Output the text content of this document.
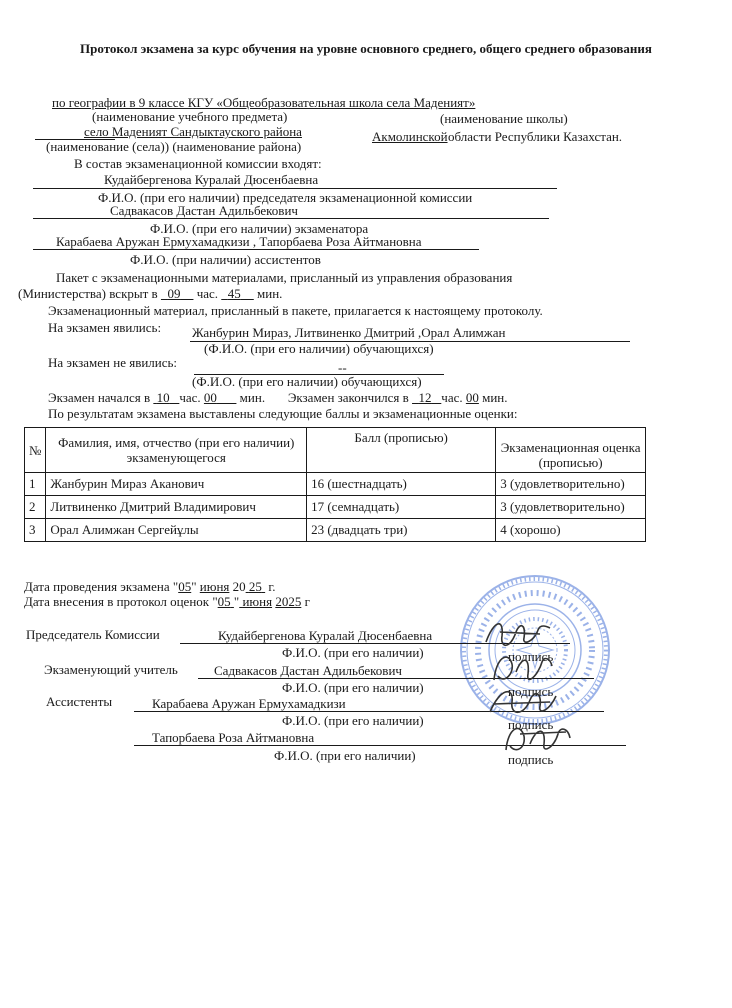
Протокол экзамена за курс обучения на уровне основного среднего, общего среднего образования
по географии в 9 классе КГУ «Общеобразовательная школа села Маденият»
(наименование учебного предмета)	(наименование школы)
село Маденият Сандыктауского района	Акмолинской области Республики Казахстан.
(наименование (села)) (наименование района)
В состав экзаменационной комиссии входят:
Кудайбергенова Куралай Дюсенбаевна
Ф.И.О. (при его наличии) председателя экзаменационной комиссии
Садвакасов Дастан Адильбекович
Ф.И.О. (при его наличии) экзаменатора
Карабаева Аружан Ермухамадкизи , Тапорбаева Роза Айтмановна
Ф.И.О. (при наличии) ассистентов
Пакет с экзаменационными материалами, присланный из управления образования
(Министерства) вскрыт в 09 час. 45 мин.
Экзаменационный материал, присланный в пакете, прилагается к настоящему протоколу.
На экзамен явились: Жанбурин Мираз, Литвиненко Дмитрий ,Орал Алимжан
(Ф.И.О. (при его наличии) обучающихся)
На экзамен не явились:	--
(Ф.И.О. (при его наличии) обучающихся)
Экзамен начался в 10 час. 00 мин. Экзамен закончился в 12 час. 00 мин.
По результатам экзамена выставлены следующие баллы и экзаменационные оценки:
№	Фамилия, имя, отчество (при его наличии) экзаменующегося	Балл (прописью)	Экзаменационная оценка (прописью)
1	Жанбурин Мираз Аканович	16 (шестнадцать)	3 (удовлетворительно)
2	Литвиненко Дмитрий Владимирович	17 (семнадцать)	3 (удовлетворительно)
3	Орал Алимжан Сергейұлы	23 (двадцать три)	4 (хорошо)
Дата проведения экзамена "05" июня 20 25 г.
Дата внесения в протокол оценок "05 " июня 2025 г
Председатель Комиссии	Кудайбергенова Куралай Дюсенбаевна
Ф.И.О. (при его наличии)	подпись
Экзаменующий учитель	Садвакасов Дастан Адильбекович
Ф.И.О. (при его наличии)	подпись
Ассистенты	Карабаева Аружан Ермухамадкизи
Ф.И.О. (при его наличии)	подпись
Тапорбаева Роза Айтмановна
Ф.И.О. (при его наличии)	подпись
